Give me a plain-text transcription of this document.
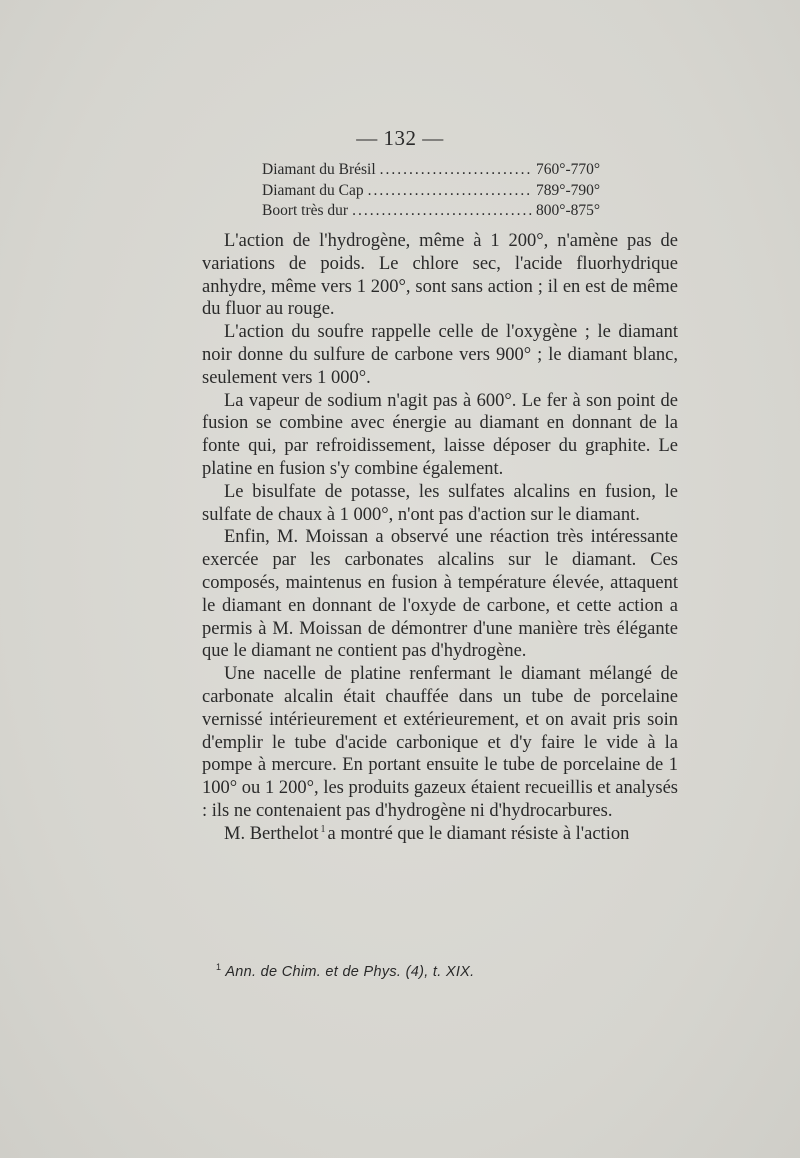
— 132 —
Diamant du Brésil .....	760°-770°
Diamant du Cap .....	789°-790°
Boort très dur .....	800°-875°

L'action de l'hydrogène, même à 1 200°, n'amène pas de variations de poids. Le chlore sec, l'acide fluorhydrique anhydre, même vers 1 200°, sont sans action ; il en est de même du fluor au rouge.

L'action du soufre rappelle celle de l'oxygène ; le diamant noir donne du sulfure de carbone vers 900° ; le diamant blanc, seulement vers 1 000°.

La vapeur de sodium n'agit pas à 600°. Le fer à son point de fusion se combine avec énergie au diamant en donnant de la fonte qui, par refroidissement, laisse déposer du graphite. Le platine en fusion s'y combine également.

Le bisulfate de potasse, les sulfates alcalins en fusion, le sulfate de chaux à 1 000°, n'ont pas d'action sur le diamant.

Enfin, M. Moissan a observé une réaction très intéressante exercée par les carbonates alcalins sur le diamant. Ces composés, maintenus en fusion à température élevée, attaquent le diamant en donnant de l'oxyde de carbone, et cette action a permis à M. Moissan de démontrer d'une manière très élégante que le diamant ne contient pas d'hydrogène.

Une nacelle de platine renfermant le diamant mélangé de carbonate alcalin était chauffée dans un tube de porcelaine vernissé intérieurement et extérieurement, et on avait pris soin d'emplir le tube d'acide carbonique et d'y faire le vide à la pompe à mercure. En portant ensuite le tube de porcelaine de 1 100° ou 1 200°, les produits gazeux étaient recueillis et analysés : ils ne contenaient pas d'hydrogène ni d'hydrocarbures.

M. Berthelot $^1$ a montré que le diamant résiste à l'action

$^1$ Ann. de Chim. et de Phys. (4), t. XIX.
